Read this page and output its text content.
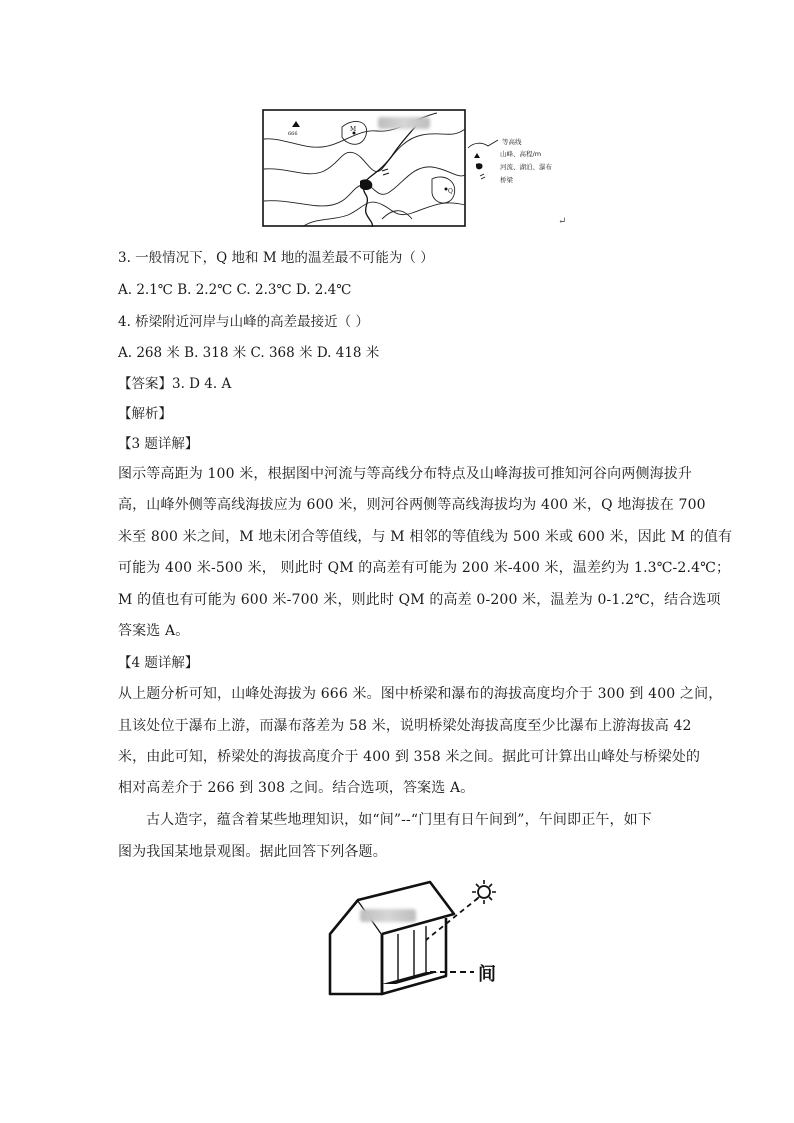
666
M
Q
↵
等高线
山峰、高程/m
河流、湖泊、瀑布
桥梁
3. 一般情况下，Q 地和 M 地的温差最不可能为（ ）
A. 2.1℃ B. 2.2℃ C. 2.3℃ D. 2.4℃
4. 桥梁附近河岸与山峰的高差最接近（ ）
A. 268 米 B. 318 米 C. 368 米 D. 418 米
【答案】3. D 4. A
【解析】
【3 题详解】
图示等高距为 100 米，根据图中河流与等高线分布特点及山峰海拔可推知河谷向两侧海拔升
高，山峰外侧等高线海拔应为 600 米，则河谷两侧等高线海拔均为 400 米，Q 地海拔在 700
米至 800 米之间，M 地未闭合等值线，与 M 相邻的等值线为 500 米或 600 米，因此 M 的值有
可能为 400 米-500 米， 则此时 QM 的高差有可能为 200 米-400 米，温差约为 1.3℃-2.4℃；
M 的值也有可能为 600 米-700 米，则此时 QM 的高差 0-200 米，温差为 0-1.2℃，结合选项
答案选 A。
【4 题详解】
从上题分析可知，山峰处海拔为 666 米。图中桥梁和瀑布的海拔高度均介于 300 到 400 之间，
且该处位于瀑布上游，而瀑布落差为 58 米，说明桥梁处海拔高度至少比瀑布上游海拔高 42
米，由此可知，桥梁处的海拔高度介于 400 到 358 米之间。据此可计算出山峰处与桥梁处的
相对高差介于 266 到 308 之间。结合选项，答案选 A。
古人造字，蕴含着某些地理知识，如“间”--“门里有日午间到”，午间即正午，如下
图为我国某地景观图。据此回答下列各题。
间
